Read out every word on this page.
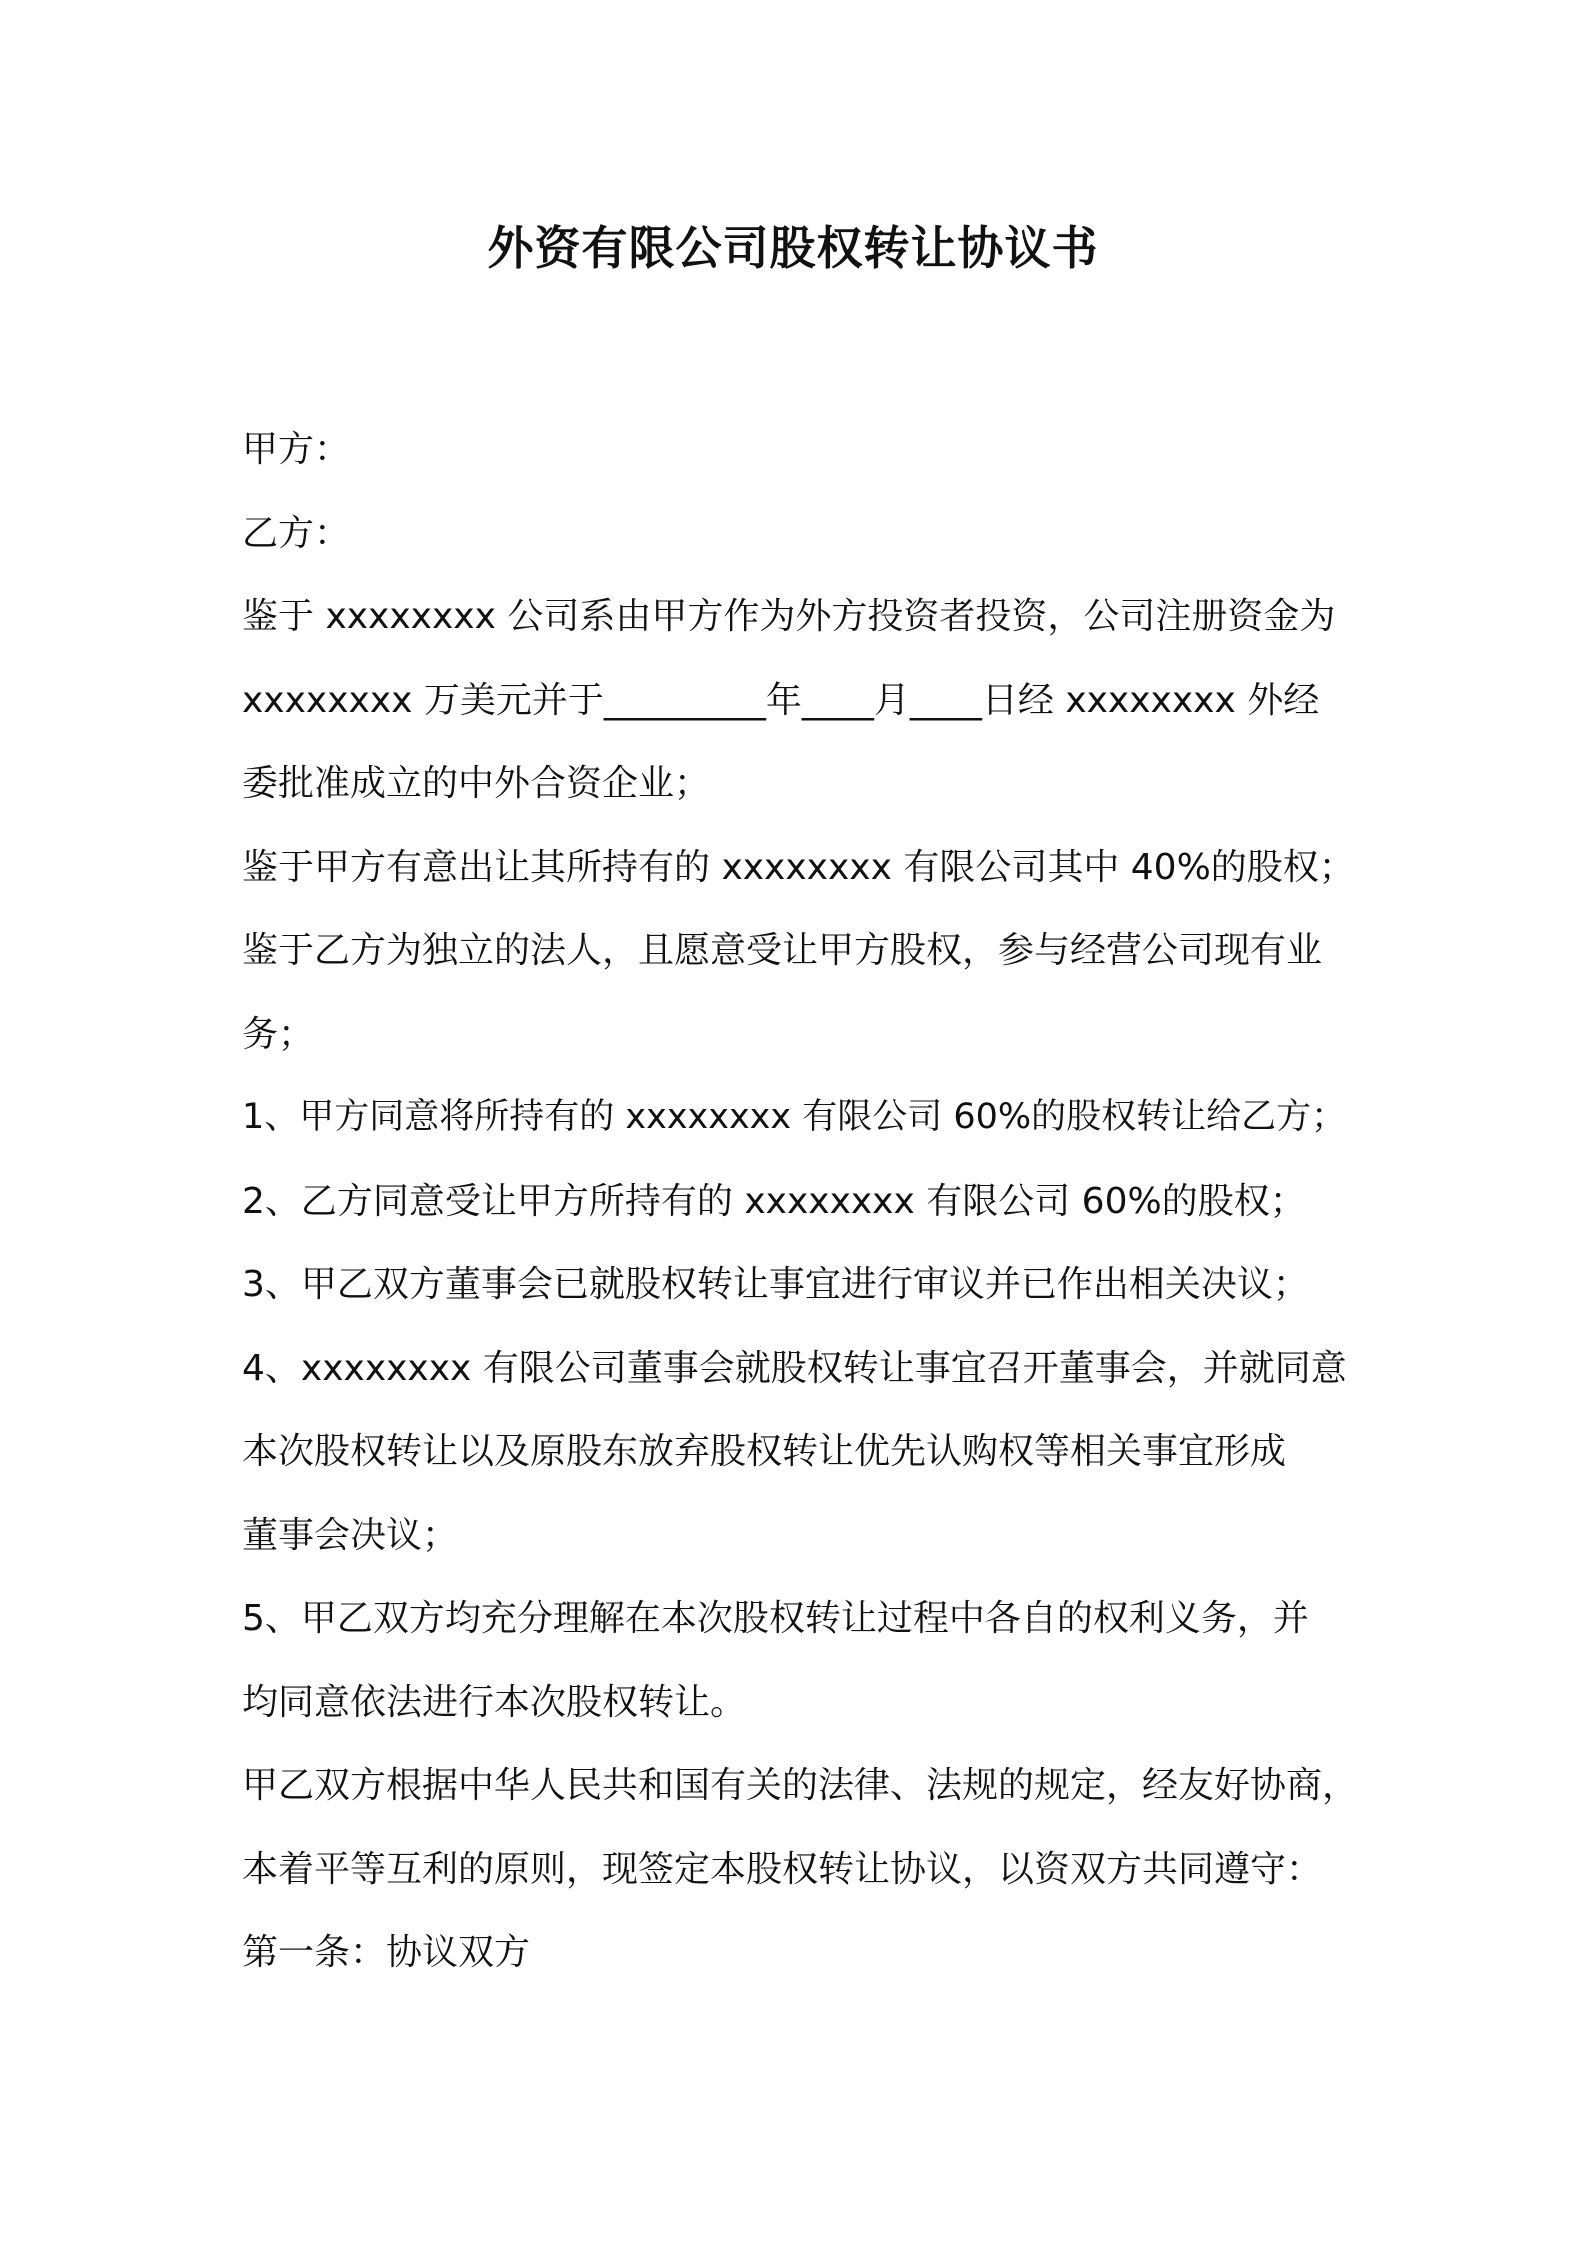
外资有限公司股权转让协议书
甲方：
乙方：
鉴于 xxxxxxxx 公司系由甲方作为外方投资者投资，公司注册资金为
xxxxxxxx 万美元并于_________年____月____日经 xxxxxxxx 外经
委批准成立的中外合资企业；
鉴于甲方有意出让其所持有的 xxxxxxxx 有限公司其中 40%的股权；
鉴于乙方为独立的法人，且愿意受让甲方股权，参与经营公司现有业
务；
1、甲方同意将所持有的 xxxxxxxx 有限公司 60%的股权转让给乙方；
2、乙方同意受让甲方所持有的 xxxxxxxx 有限公司 60%的股权；
3、甲乙双方董事会已就股权转让事宜进行审议并已作出相关决议；
4、xxxxxxxx 有限公司董事会就股权转让事宜召开董事会，并就同意
本次股权转让以及原股东放弃股权转让优先认购权等相关事宜形成
董事会决议；
5、甲乙双方均充分理解在本次股权转让过程中各自的权利义务，并
均同意依法进行本次股权转让。
甲乙双方根据中华人民共和国有关的法律、法规的规定，经友好协商，
本着平等互利的原则，现签定本股权转让协议，以资双方共同遵守：
第一条：协议双方
